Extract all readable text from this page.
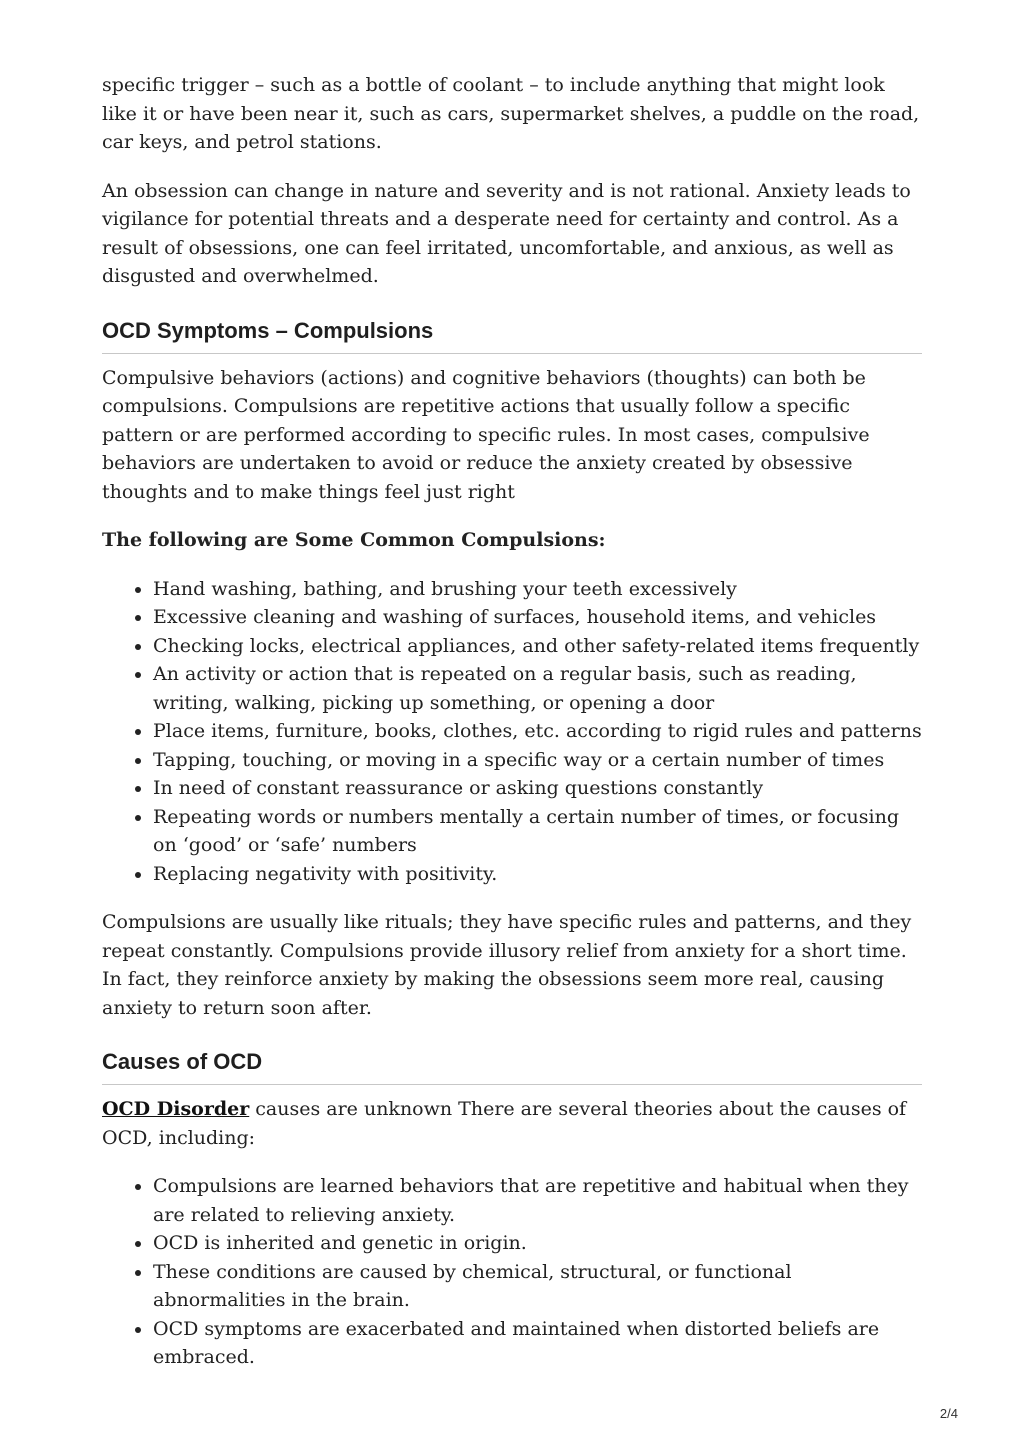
specific trigger – such as a bottle of coolant – to include anything that might look like it or have been near it, such as cars, supermarket shelves, a puddle on the road, car keys, and petrol stations.

An obsession can change in nature and severity and is not rational. Anxiety leads to vigilance for potential threats and a desperate need for certainty and control. As a result of obsessions, one can feel irritated, uncomfortable, and anxious, as well as disgusted and overwhelmed.

OCD Symptoms – Compulsions

Compulsive behaviors (actions) and cognitive behaviors (thoughts) can both be compulsions. Compulsions are repetitive actions that usually follow a specific pattern or are performed according to specific rules. In most cases, compulsive behaviors are undertaken to avoid or reduce the anxiety created by obsessive thoughts and to make things feel just right

The following are Some Common Compulsions:

• Hand washing, bathing, and brushing your teeth excessively
• Excessive cleaning and washing of surfaces, household items, and vehicles
• Checking locks, electrical appliances, and other safety-related items frequently
• An activity or action that is repeated on a regular basis, such as reading, writing, walking, picking up something, or opening a door
• Place items, furniture, books, clothes, etc. according to rigid rules and patterns
• Tapping, touching, or moving in a specific way or a certain number of times
• In need of constant reassurance or asking questions constantly
• Repeating words or numbers mentally a certain number of times, or focusing on ‘good’ or ‘safe’ numbers
• Replacing negativity with positivity.

Compulsions are usually like rituals; they have specific rules and patterns, and they repeat constantly. Compulsions provide illusory relief from anxiety for a short time. In fact, they reinforce anxiety by making the obsessions seem more real, causing anxiety to return soon after.

Causes of OCD

OCD Disorder causes are unknown There are several theories about the causes of OCD, including:

• Compulsions are learned behaviors that are repetitive and habitual when they are related to relieving anxiety.
• OCD is inherited and genetic in origin.
• These conditions are caused by chemical, structural, or functional abnormalities in the brain.
• OCD symptoms are exacerbated and maintained when distorted beliefs are embraced.
2/4
